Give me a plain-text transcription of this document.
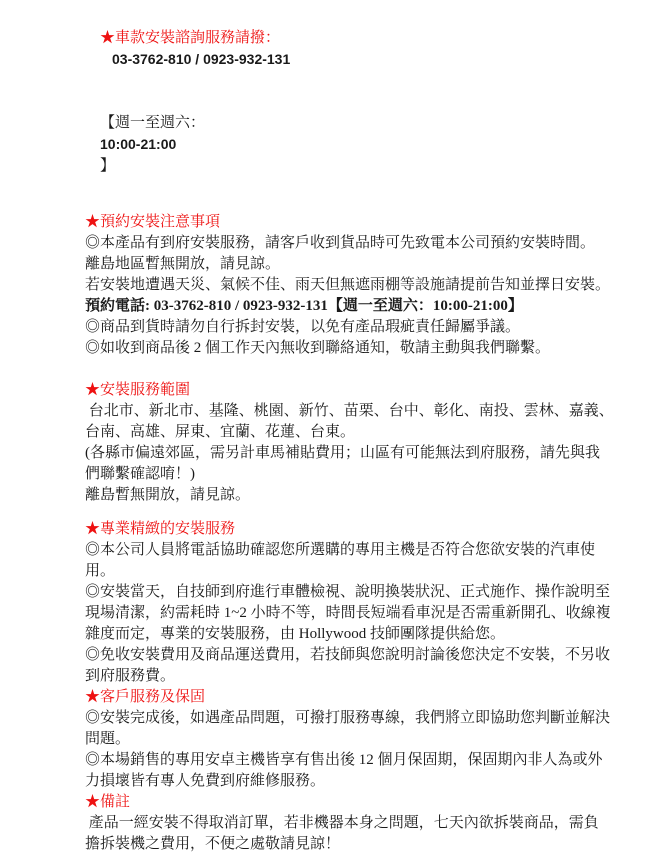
★車款安裝諮詢服務請撥：
03-3762-810 / 0923-932-131

【週一至週六：
10:00-21:00
】

★預約安裝注意事項
◎本產品有到府安裝服務，請客戶收到貨品時可先致電本公司預約安裝時間。
離島地區暫無開放，請見諒。
若安裝地遭遇天災、氣候不佳、雨天但無遮雨棚等設施請提前告知並擇日安裝。
預約電話: 03-3762-810 / 0923-932-131【週一至週六：10:00-21:00】
◎商品到貨時請勿自行拆封安裝，以免有產品瑕疵責任歸屬爭議。
◎如收到商品後 2 個工作天內無收到聯絡通知，敬請主動與我們聯繫。
★安裝服務範圍
台北市、新北市、基隆、桃園、新竹、苗栗、台中、彰化、南投、雲林、嘉義、
台南、高雄、屏東、宜蘭、花蓮、台東。
(各縣市偏遠郊區，需另計車馬補貼費用；山區有可能無法到府服務，請先與我
們聯繫確認唷！)
離島暫無開放，請見諒。
★專業精緻的安裝服務
◎本公司人員將電話協助確認您所選購的專用主機是否符合您欲安裝的汽車使
用。
◎安裝當天，自技師到府進行車體檢視、說明換裝狀況、正式施作、操作說明至
現場清潔，約需耗時 1~2 小時不等，時間長短端看車況是否需重新開孔、收線複
雜度而定，專業的安裝服務，由 Hollywood 技師團隊提供給您。
◎免收安裝費用及商品運送費用，若技師與您說明討論後您決定不安裝，不另收
到府服務費。
★客戶服務及保固
◎安裝完成後，如遇產品問題，可撥打服務專線，我們將立即協助您判斷並解決
問題。
◎本場銷售的專用安卓主機皆享有售出後 12 個月保固期，保固期內非人為或外
力損壞皆有專人免費到府維修服務。
★備註
產品一經安裝不得取消訂單，若非機器本身之問題，七天內欲拆裝商品，需負
擔拆裝機之費用，不便之處敬請見諒！
